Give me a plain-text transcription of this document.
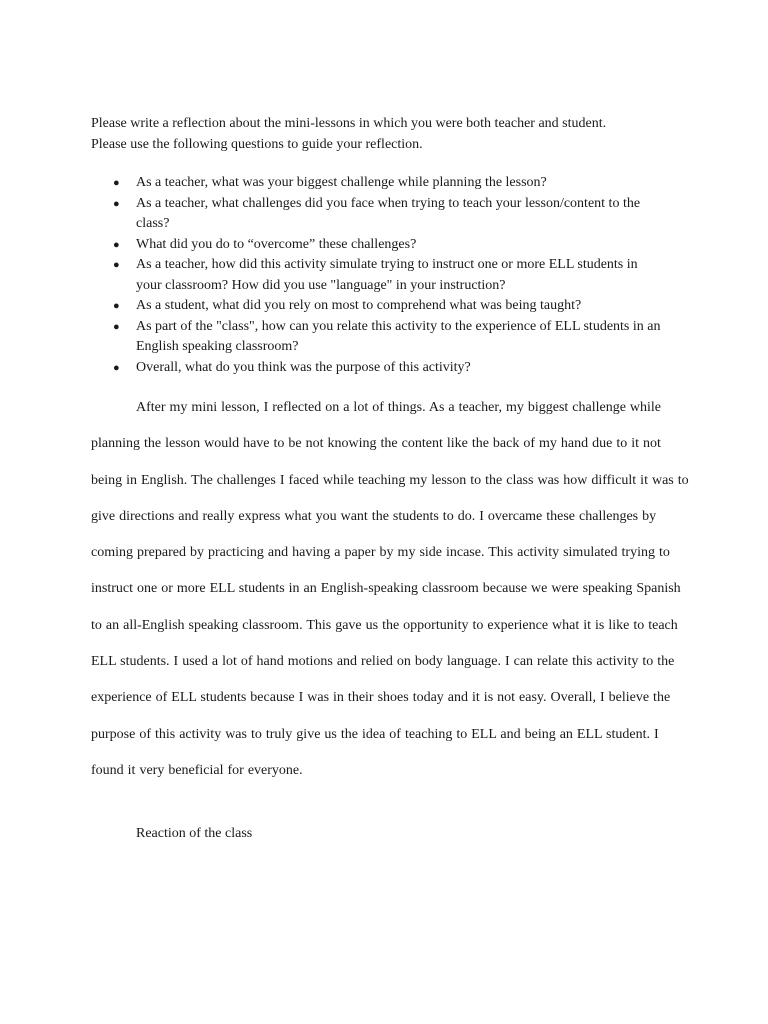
Please write a reflection about the mini-lessons in which you were both teacher and student.

Please use the following questions to guide your reflection.

● As a teacher, what was your biggest challenge while planning the lesson?
● As a teacher, what challenges did you face when trying to teach your lesson/content to the class?
● What did you do to “overcome” these challenges?
● As a teacher, how did this activity simulate trying to instruct one or more ELL students in your classroom? How did you use "language" in your instruction?
● As a student, what did you rely on most to comprehend what was being taught?
● As part of the "class", how can you relate this activity to the experience of ELL students in an English speaking classroom?
● Overall, what do you think was the purpose of this activity?

After my mini lesson, I reflected on a lot of things. As a teacher, my biggest challenge while planning the lesson would have to be not knowing the content like the back of my hand due to it not being in English. The challenges I faced while teaching my lesson to the class was how difficult it was to give directions and really express what you want the students to do. I overcame these challenges by coming prepared by practicing and having a paper by my side incase. This activity simulated trying to instruct one or more ELL students in an English-speaking classroom because we were speaking Spanish to an all-English speaking classroom. This gave us the opportunity to experience what it is like to teach ELL students. I used a lot of hand motions and relied on body language. I can relate this activity to the experience of ELL students because I was in their shoes today and it is not easy. Overall, I believe the purpose of this activity was to truly give us the idea of teaching to ELL and being an ELL student. I found it very beneficial for everyone.

Reaction of the class
